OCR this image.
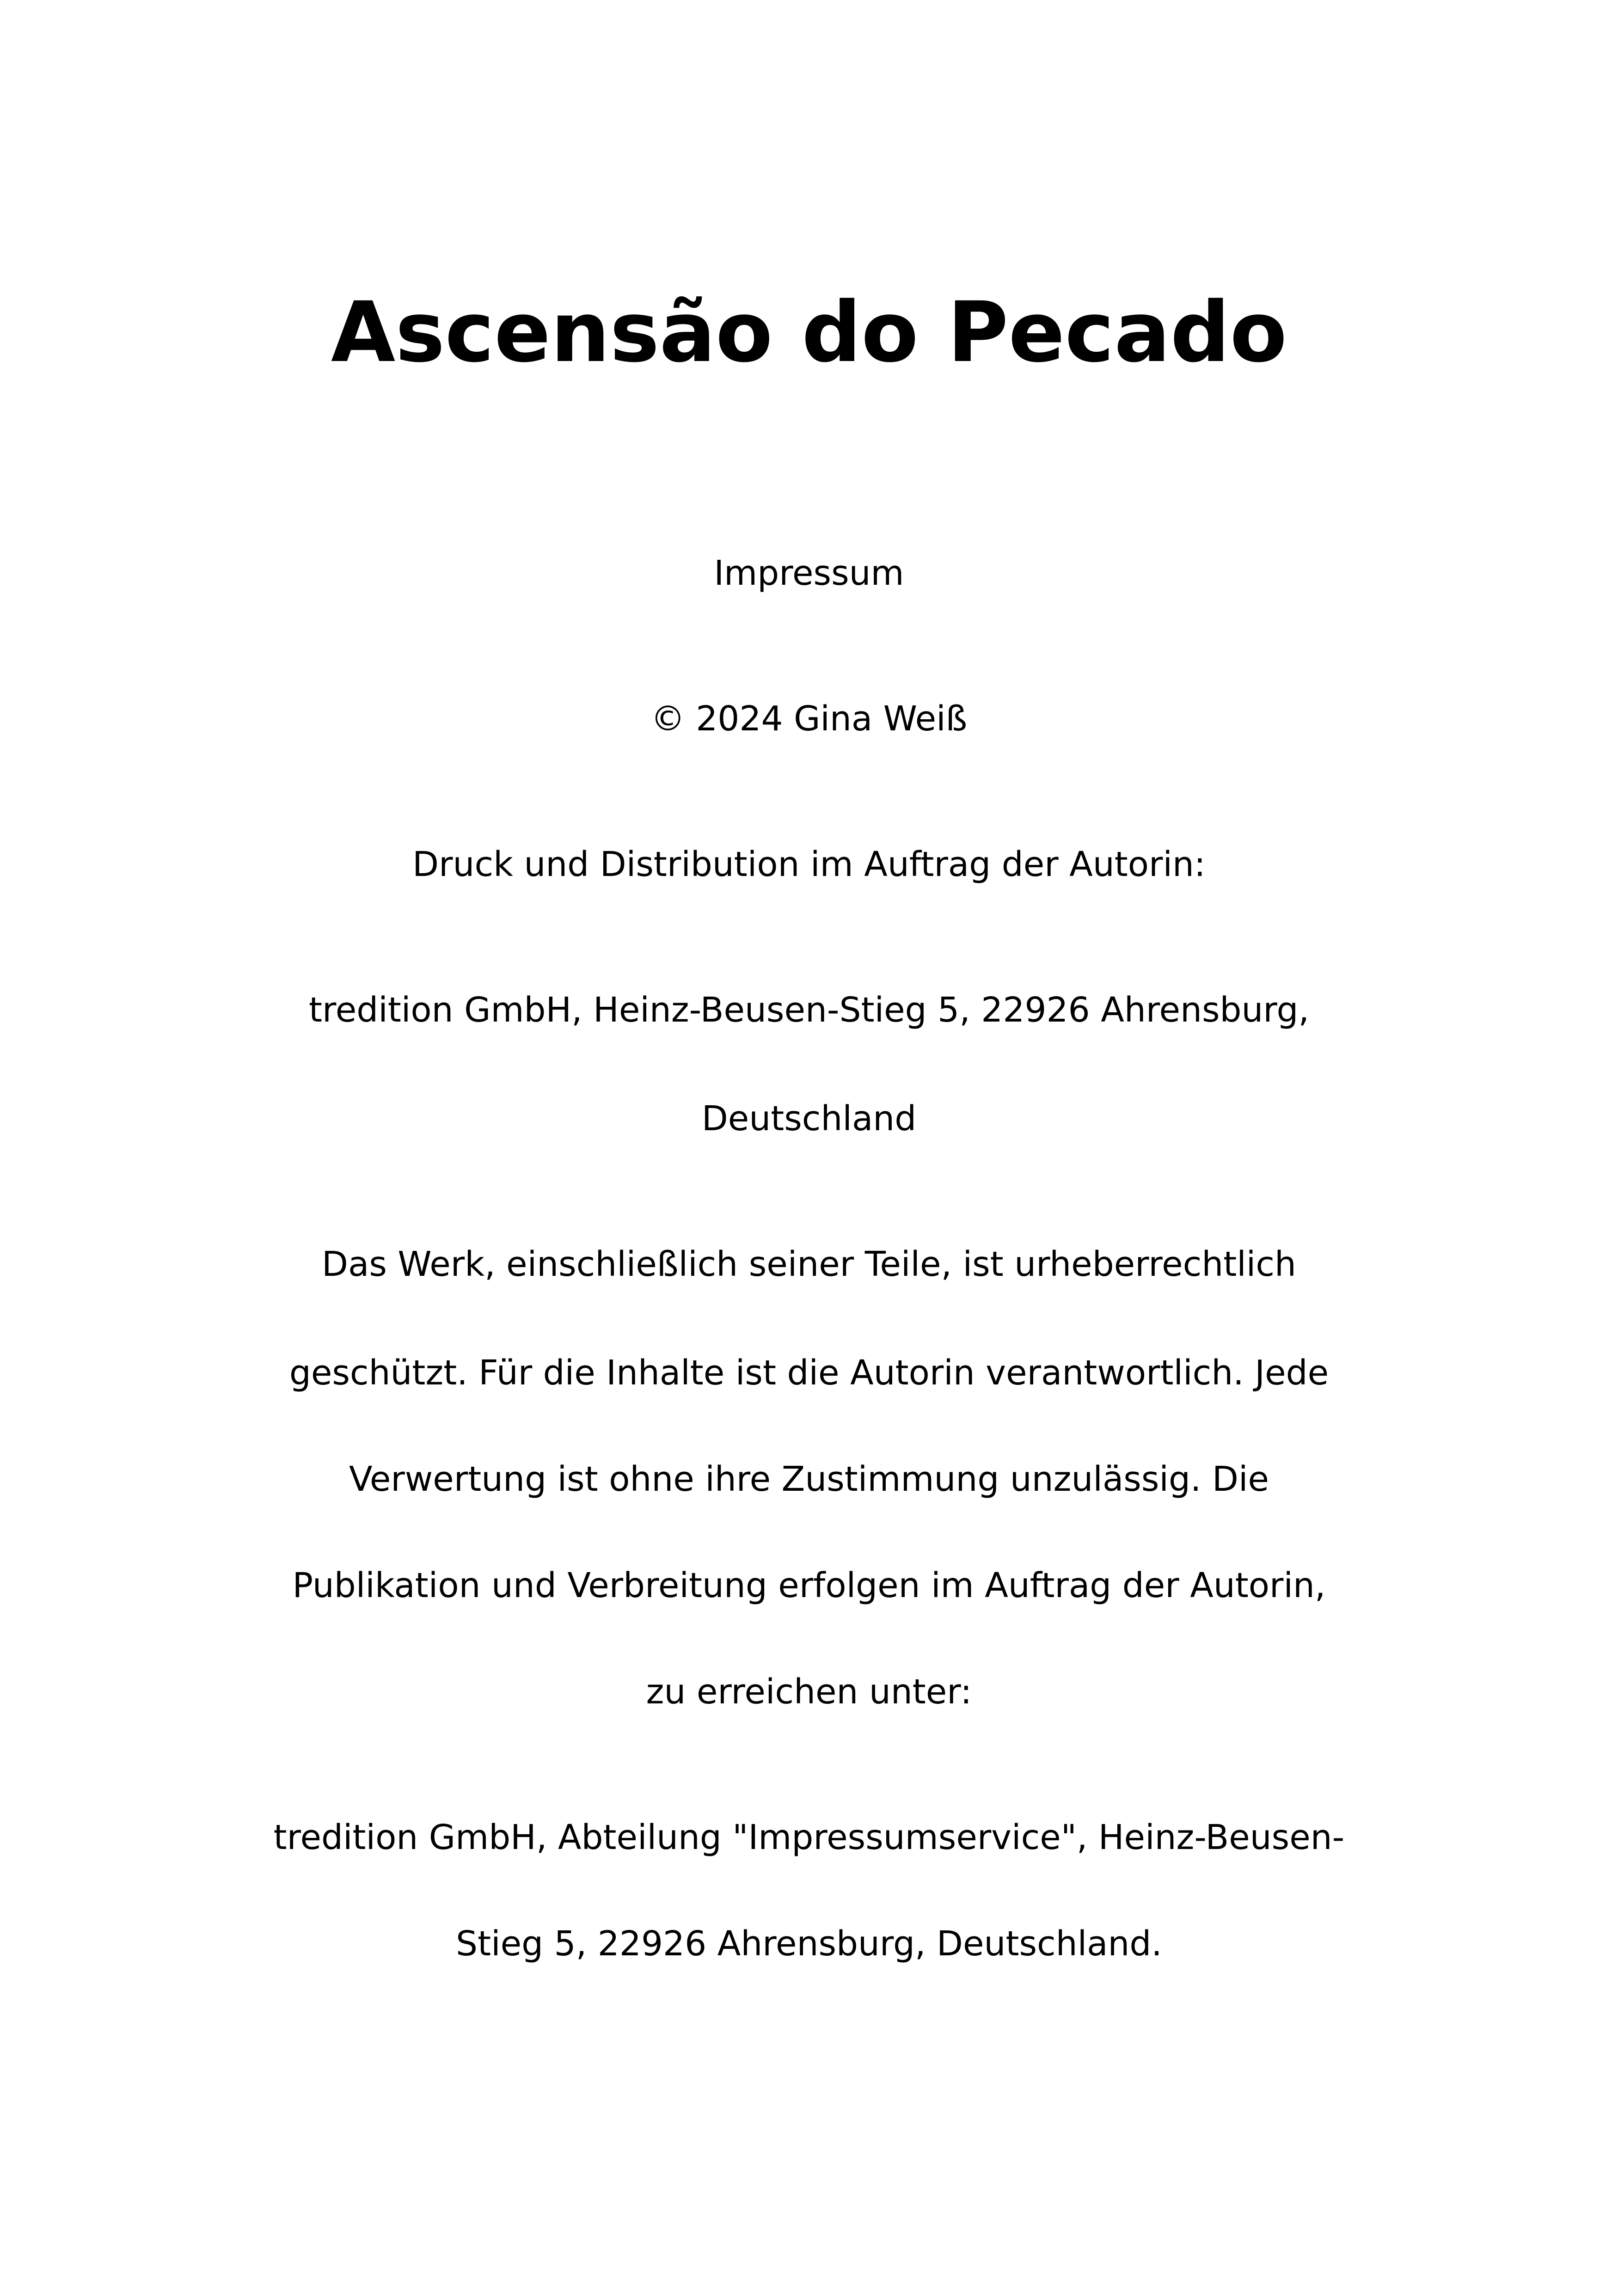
Ascensão do Pecado

Impressum

© 2024 Gina Weiß

Druck und Distribution im Auftrag der Autorin:

tredition GmbH, Heinz-Beusen-Stieg 5, 22926 Ahrensburg,

Deutschland

Das Werk, einschließlich seiner Teile, ist urheberrechtlich

geschützt. Für die Inhalte ist die Autorin verantwortlich. Jede

Verwertung ist ohne ihre Zustimmung unzulässig. Die

Publikation und Verbreitung erfolgen im Auftrag der Autorin,

zu erreichen unter:

tredition GmbH, Abteilung "Impressumservice", Heinz-Beusen-

Stieg 5, 22926 Ahrensburg, Deutschland.
